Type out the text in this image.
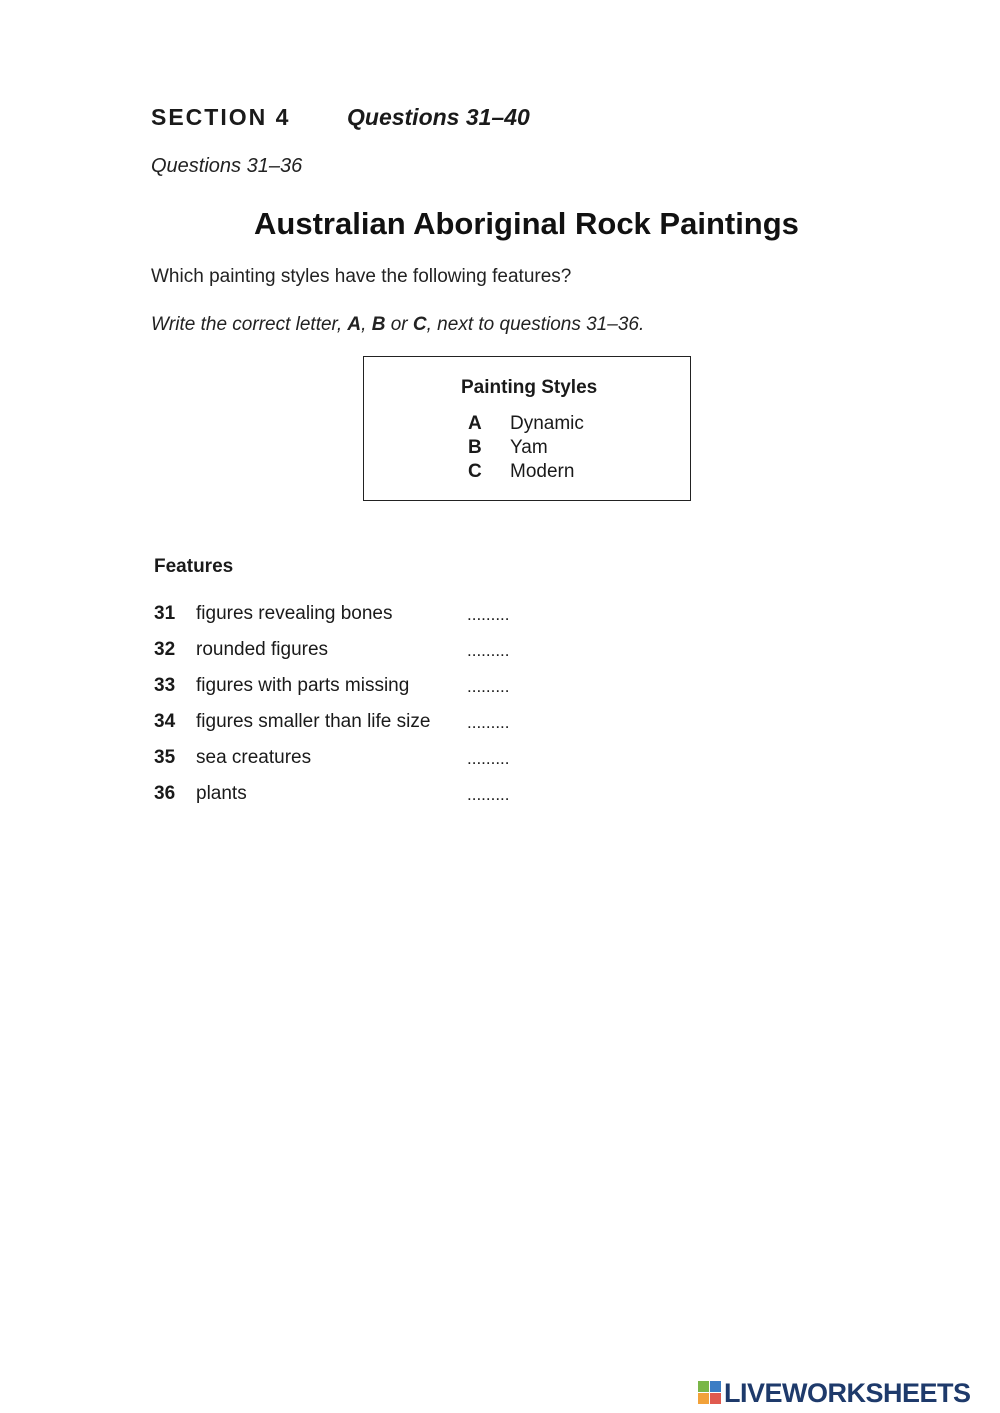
SECTION 4 Questions 31–40
Questions 31–36
Australian Aboriginal Rock Paintings
Which painting styles have the following features?
Write the correct letter, A, B or C, next to questions 31–36.
Painting Styles
A Dynamic
B Yam
C Modern
Features
31 figures revealing bones	.........
32 rounded figures	.........
33 figures with parts missing	.........
34 figures smaller than life size .........
35 sea creatures	.........
36 plants	.........
LIVEWORKSHEETS
